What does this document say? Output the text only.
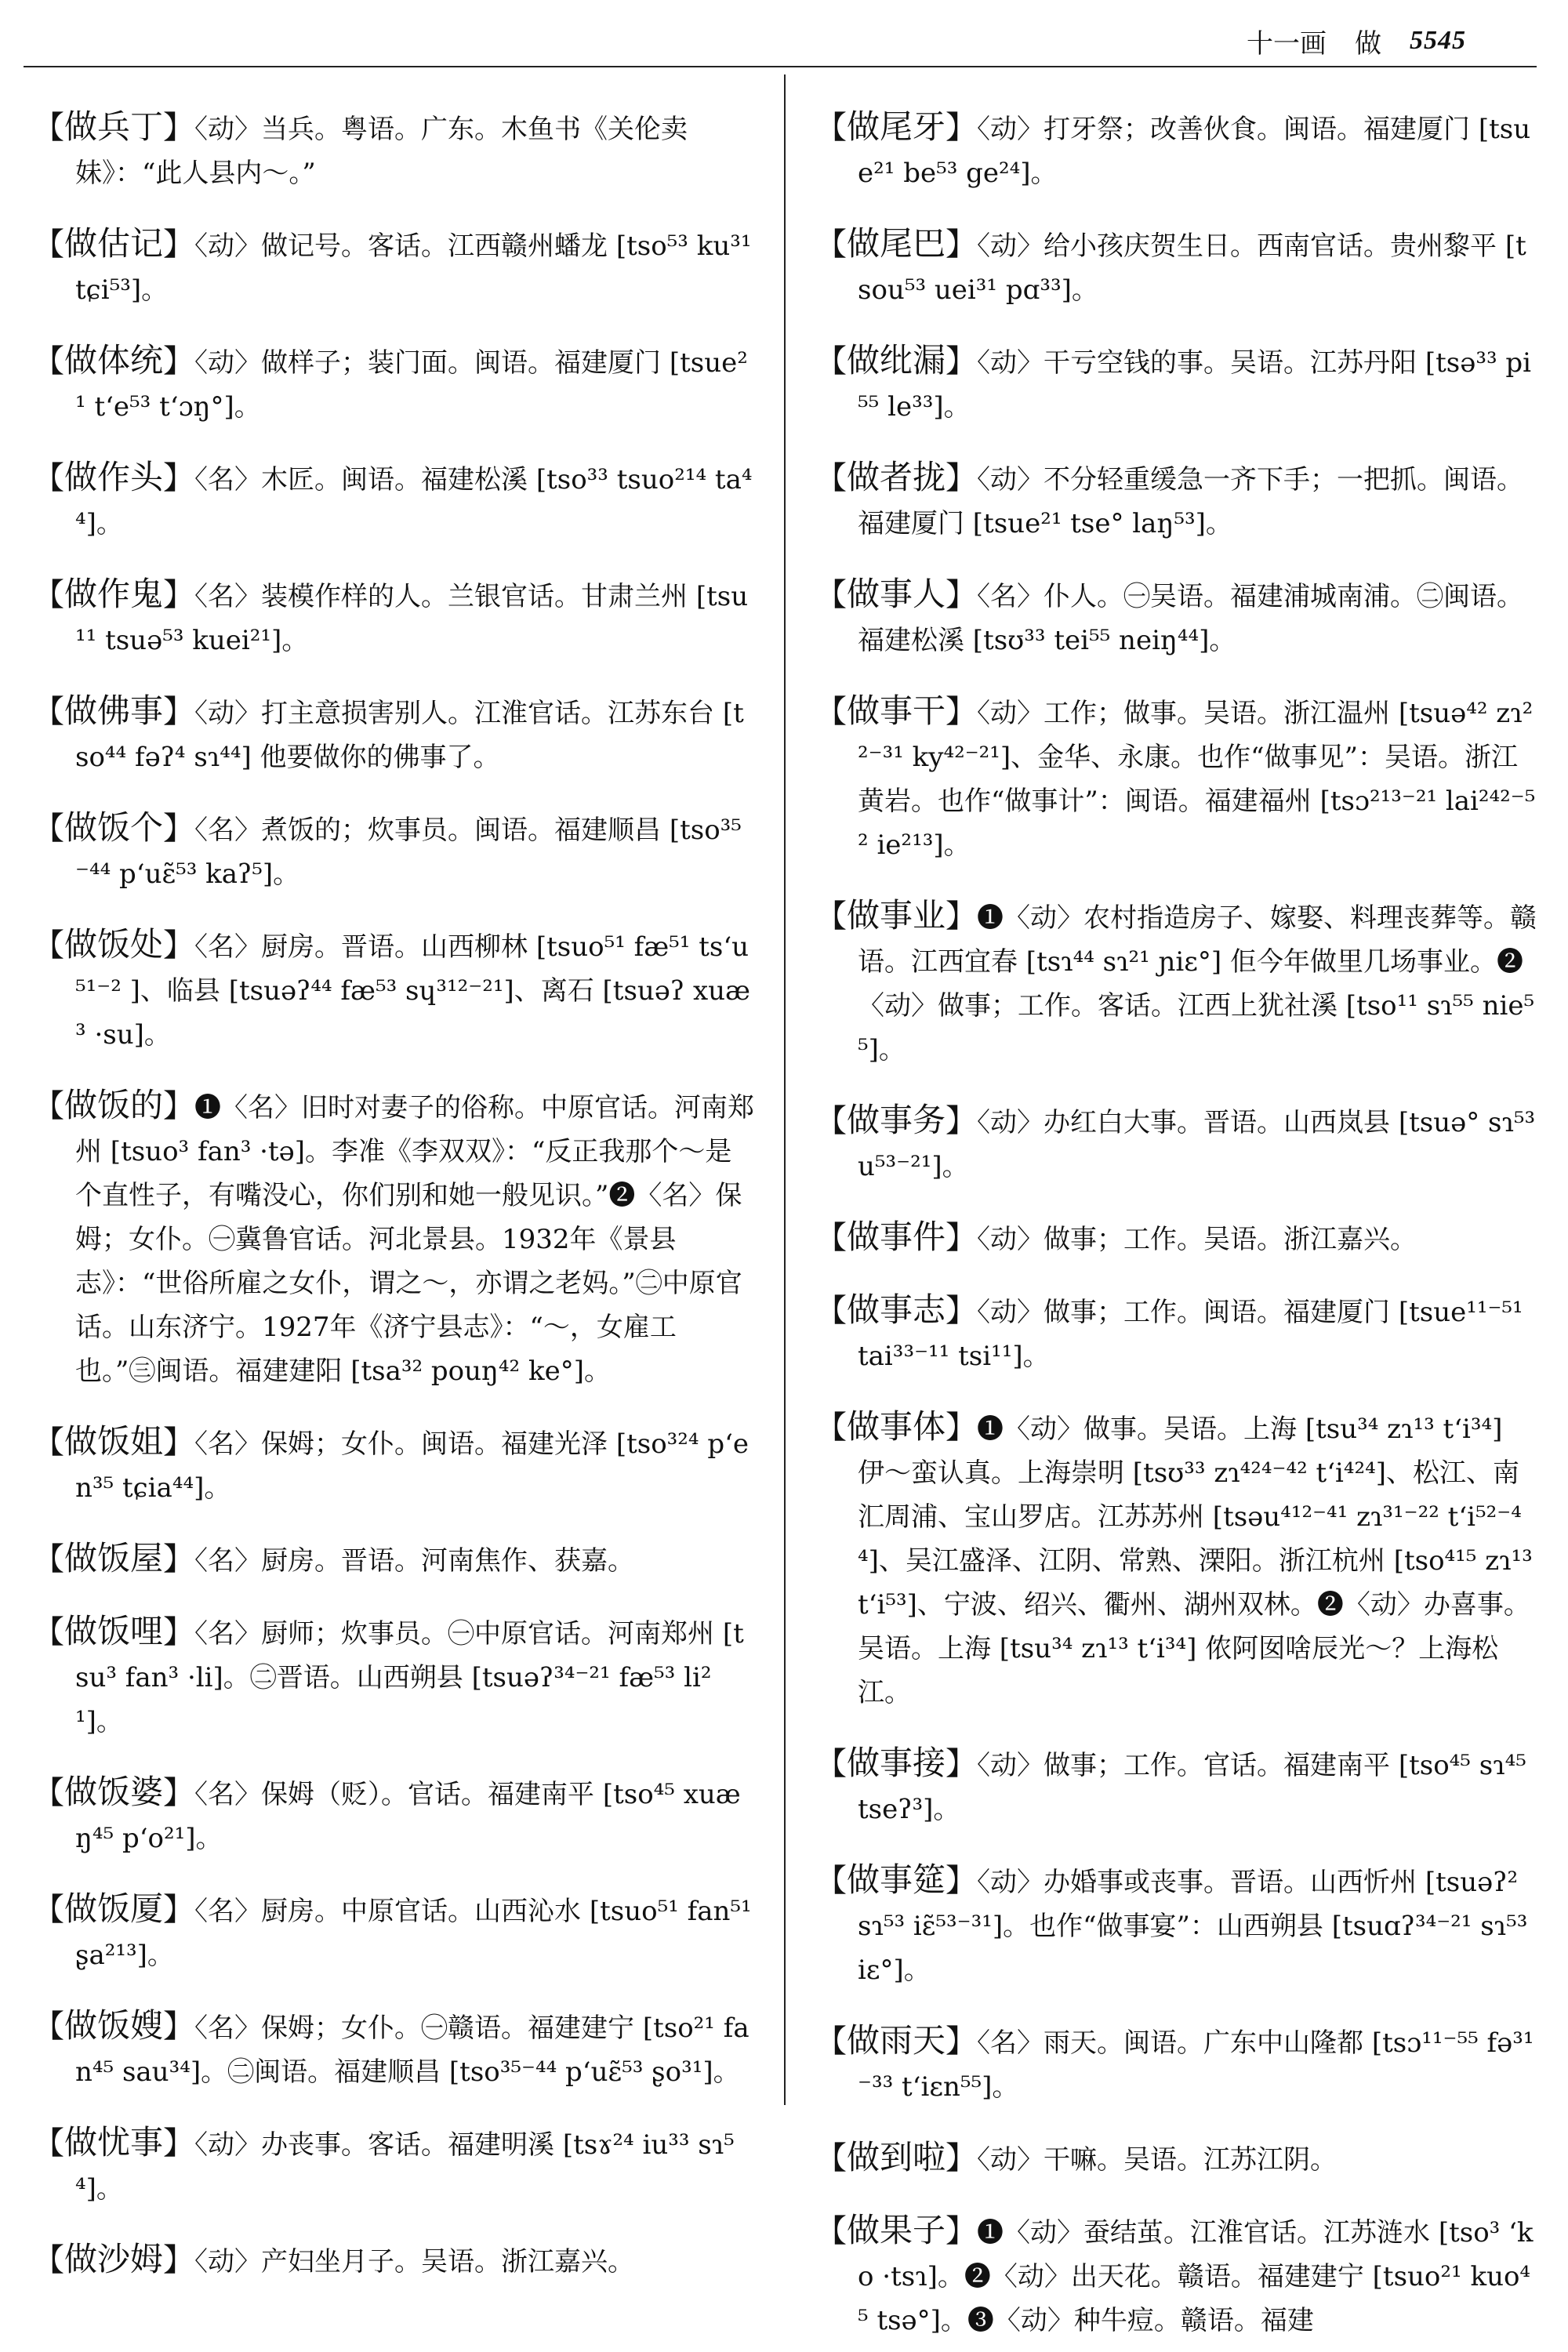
十一画 做 5545

【做兵丁】〈动〉当兵。粤语。广东。木鱼书《关伦卖妹》：“此人县内～。”

【做估记】〈动〉做记号。客话。江西赣州蟠龙 [tso⁵³ ku³¹ tɕi⁵³]。

【做体统】〈动〉做样子；装门面。闽语。福建厦门 [tsue²¹ tʻe⁵³ tʻɔŋ°]。

【做作头】〈名〉木匠。闽语。福建松溪 [tso³³ tsuo²¹⁴ ta⁴⁴]。

【做作鬼】〈名〉装模作样的人。兰银官话。甘肃兰州 [tsu¹¹ tsuə⁵³ kuei²¹]。

【做佛事】〈动〉打主意损害别人。江淮官话。江苏东台 [tso⁴⁴ fəʔ⁴ sɿ⁴⁴] 他要做你的佛事了。

【做饭个】〈名〉煮饭的；炊事员。闽语。福建顺昌 [tso³⁵⁻⁴⁴ pʻuɛ̃⁵³ kaʔ⁵]。

【做饭处】〈名〉厨房。晋语。山西柳林 [tsuo⁵¹ fæ⁵¹ tsʻu⁵¹⁻² ]、临县 [tsuəʔ⁴⁴ fæ⁵³ sɥ³¹²⁻²¹]、离石 [tsuəʔ xuæ³ ·su]。

【做饭的】❶〈名〉旧时对妻子的俗称。中原官话。河南郑州 [tsuo³ fan³ ·tə]。李准《李双双》：“反正我那个～是个直性子，有嘴没心，你们别和她一般见识。”❷〈名〉保姆；女仆。㊀冀鲁官话。河北景县。1932年《景县志》：“世俗所雇之女仆，谓之～，亦谓之老妈。”㊁中原官话。山东济宁。1927年《济宁县志》：“～，女雇工也。”㊂闽语。福建建阳 [tsa³² pouŋ⁴² ke°]。

【做饭姐】〈名〉保姆；女仆。闽语。福建光泽 [tso³²⁴ pʻen³⁵ tɕia⁴⁴]。

【做饭屋】〈名〉厨房。晋语。河南焦作、获嘉。

【做饭哩】〈名〉厨师；炊事员。㊀中原官话。河南郑州 [tsu³ fan³ ·li]。㊁晋语。山西朔县 [tsuəʔ³⁴⁻²¹ fæ⁵³ li²¹]。

【做饭婆】〈名〉保姆（贬）。官话。福建南平 [tso⁴⁵ xuæŋ⁴⁵ pʻo²¹]。

【做饭厦】〈名〉厨房。中原官话。山西沁水 [tsuo⁵¹ fan⁵¹ ʂa²¹³]。

【做饭嫂】〈名〉保姆；女仆。㊀赣语。福建建宁 [tso²¹ fan⁴⁵ sau³⁴]。㊁闽语。福建顺昌 [tso³⁵⁻⁴⁴ pʻuɛ̃⁵³ ʂo³¹]。

【做忧事】〈动〉办丧事。客话。福建明溪 [tsɤ²⁴ iu³³ sɿ⁵⁴]。

【做沙姆】〈动〉产妇坐月子。吴语。浙江嘉兴。

【做尾牙】〈动〉打牙祭；改善伙食。闽语。福建厦门 [tsue²¹ be⁵³ ge²⁴]。

【做尾巴】〈动〉给小孩庆贺生日。西南官话。贵州黎平 [tsou⁵³ uei³¹ pɑ³³]。

【做纰漏】〈动〉干亏空钱的事。吴语。江苏丹阳 [tsə³³ pi⁵⁵ le³³]。

【做者拢】〈动〉不分轻重缓急一齐下手；一把抓。闽语。福建厦门 [tsue²¹ tse° laŋ⁵³]。

【做事人】〈名〉仆人。㊀吴语。福建浦城南浦。㊁闽语。福建松溪 [tsʊ³³ tei⁵⁵ neiŋ⁴⁴]。

【做事干】〈动〉工作；做事。吴语。浙江温州 [tsuə⁴² zɿ²²⁻³¹ ky⁴²⁻²¹]、金华、永康。也作“做事见”：吴语。浙江黄岩。也作“做事计”：闽语。福建福州 [tsɔ²¹³⁻²¹ lai²⁴²⁻⁵² ie²¹³]。

【做事业】❶〈动〉农村指造房子、嫁娶、料理丧葬等。赣语。江西宜春 [tsɿ⁴⁴ sɿ²¹ ɲiɛ°] 佢今年做里几场事业。❷〈动〉做事；工作。客话。江西上犹社溪 [tso¹¹ sɿ⁵⁵ nie⁵⁵]。

【做事务】〈动〉办红白大事。晋语。山西岚县 [tsuə° sɿ⁵³ u⁵³⁻²¹]。

【做事件】〈动〉做事；工作。吴语。浙江嘉兴。

【做事志】〈动〉做事；工作。闽语。福建厦门 [tsue¹¹⁻⁵¹ tai³³⁻¹¹ tsi¹¹]。

【做事体】❶〈动〉做事。吴语。上海 [tsu³⁴ zɿ¹³ tʻi³⁴] 伊～蛮认真。上海崇明 [tsʊ³³ zɿ⁴²⁴⁻⁴² tʻi⁴²⁴]、松江、南汇周浦、宝山罗店。江苏苏州 [tsəu⁴¹²⁻⁴¹ zɿ³¹⁻²² tʻi⁵²⁻⁴⁴]、吴江盛泽、江阴、常熟、溧阳。浙江杭州 [tso⁴¹⁵ zɿ¹³ tʻi⁵³]、宁波、绍兴、衢州、湖州双林。❷〈动〉办喜事。吴语。上海 [tsu³⁴ zɿ¹³ tʻi³⁴] 侬阿囡啥辰光～？上海松江。

【做事接】〈动〉做事；工作。官话。福建南平 [tso⁴⁵ sɿ⁴⁵ tseʔ³]。

【做事筵】〈动〉办婚事或丧事。晋语。山西忻州 [tsuəʔ² sɿ⁵³ iɛ̃⁵³⁻³¹]。也作“做事宴”：山西朔县 [tsuɑʔ³⁴⁻²¹ sɿ⁵³ iɛ°]。

【做雨天】〈名〉雨天。闽语。广东中山隆都 [tsɔ¹¹⁻⁵⁵ fə³¹⁻³³ tʻiɛn⁵⁵]。

【做到啦】〈动〉干嘛。吴语。江苏江阴。

【做果子】❶〈动〉蚕结茧。江淮官话。江苏涟水 [tso³ ʻko ·tsɿ]。❷〈动〉出天花。赣语。福建建宁 [tsuo²¹ kuo⁴⁵ tsə°]。❸〈动〉种牛痘。赣语。福建
